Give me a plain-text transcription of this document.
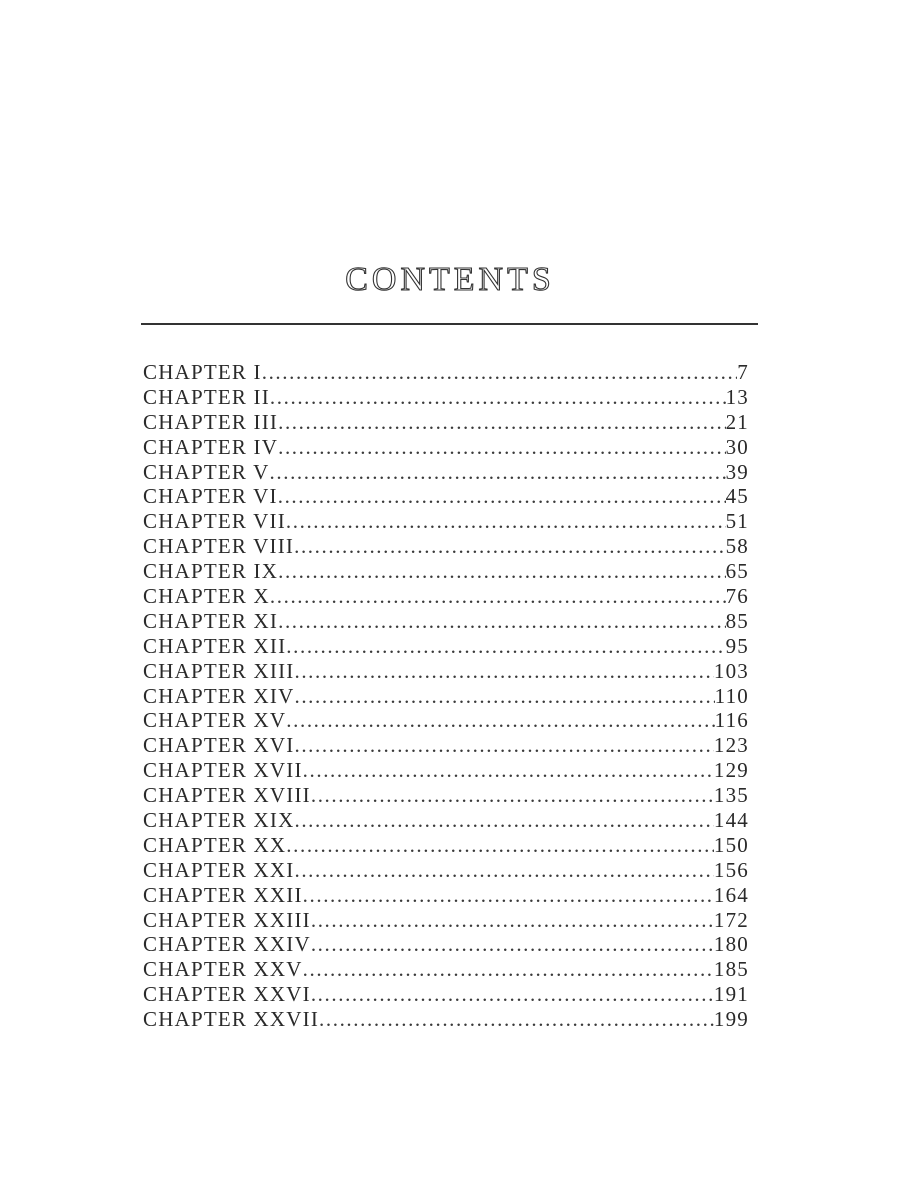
CONTENTS
CHAPTER I .....	7
CHAPTER II .....	13
CHAPTER III .....	21
CHAPTER IV .....	30
CHAPTER V .....	39
CHAPTER VI .....	45
CHAPTER VII .....	51
CHAPTER VIII .....	58
CHAPTER IX .....	65
CHAPTER X .....	76
CHAPTER XI .....	85
CHAPTER XII .....	95
CHAPTER XIII .....	103
CHAPTER XIV .....	110
CHAPTER XV .....	116
CHAPTER XVI .....	123
CHAPTER XVII .....	129
CHAPTER XVIII .....	135
CHAPTER XIX .....	144
CHAPTER XX .....	150
CHAPTER XXI .....	156
CHAPTER XXII .....	164
CHAPTER XXIII .....	172
CHAPTER XXIV .....	180
CHAPTER XXV .....	185
CHAPTER XXVI .....	191
CHAPTER XXVII .....	199
